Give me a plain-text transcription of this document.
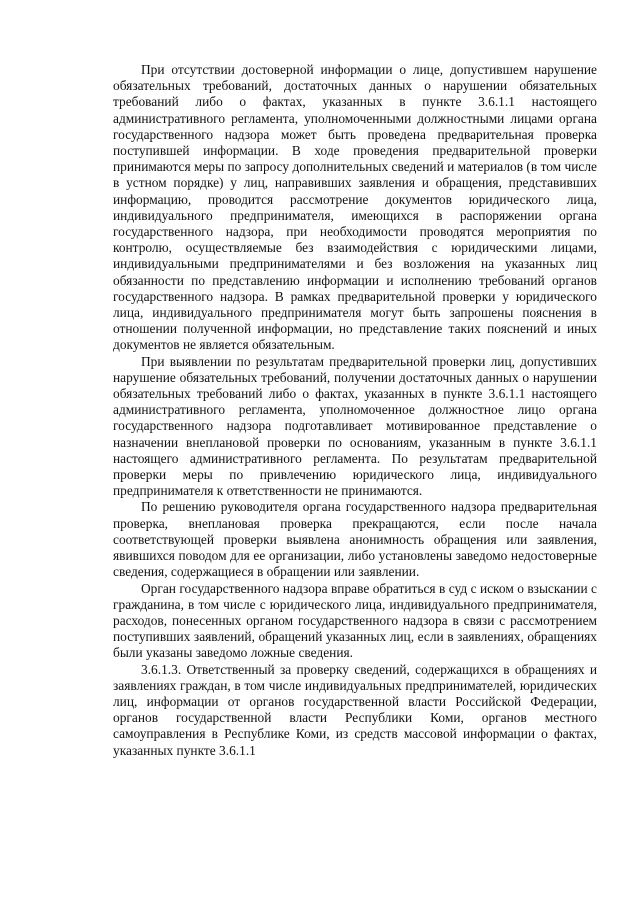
При отсутствии достоверной информации о лице, допустившем нарушение обязательных требований, достаточных данных о нарушении обязательных требований либо о фактах, указанных в пункте 3.6.1.1 настоящего административного регламента, уполномоченными должностными лицами органа государственного надзора может быть проведена предварительная проверка поступившей информации. В ходе проведения предварительной проверки принимаются меры по запросу дополнительных сведений и материалов (в том числе в устном порядке) у лиц, направивших заявления и обращения, представивших информацию, проводится рассмотрение документов юридического лица, индивидуального предпринимателя, имеющихся в распоряжении органа государственного надзора, при необходимости проводятся мероприятия по контролю, осуществляемые без взаимодействия с юридическими лицами, индивидуальными предпринимателями и без возложения на указанных лиц обязанности по представлению информации и исполнению требований органов государственного надзора. В рамках предварительной проверки у юридического лица, индивидуального предпринимателя могут быть запрошены пояснения в отношении полученной информации, но представление таких пояснений и иных документов не является обязательным.

При выявлении по результатам предварительной проверки лиц, допустивших нарушение обязательных требований, получении достаточных данных о нарушении обязательных требований либо о фактах, указанных в пункте 3.6.1.1 настоящего административного регламента, уполномоченное должностное лицо органа государственного надзора подготавливает мотивированное представление о назначении внеплановой проверки по основаниям, указанным в пункте 3.6.1.1 настоящего административного регламента. По результатам предварительной проверки меры по привлечению юридического лица, индивидуального предпринимателя к ответственности не принимаются.

По решению руководителя органа государственного надзора предварительная проверка, внеплановая проверка прекращаются, если после начала соответствующей проверки выявлена анонимность обращения или заявления, явившихся поводом для ее организации, либо установлены заведомо недостоверные сведения, содержащиеся в обращении или заявлении.

Орган государственного надзора вправе обратиться в суд с иском о взыскании с гражданина, в том числе с юридического лица, индивидуального предпринимателя, расходов, понесенных органом государственного надзора в связи с рассмотрением поступивших заявлений, обращений указанных лиц, если в заявлениях, обращениях были указаны заведомо ложные сведения.

3.6.1.3. Ответственный за проверку сведений, содержащихся в обращениях и заявлениях граждан, в том числе индивидуальных предпринимателей, юридических лиц, информации от органов государственной власти Российской Федерации, органов государственной власти Республики Коми, органов местного самоуправления в Республике Коми, из средств массовой информации о фактах, указанных пункте 3.6.1.1
